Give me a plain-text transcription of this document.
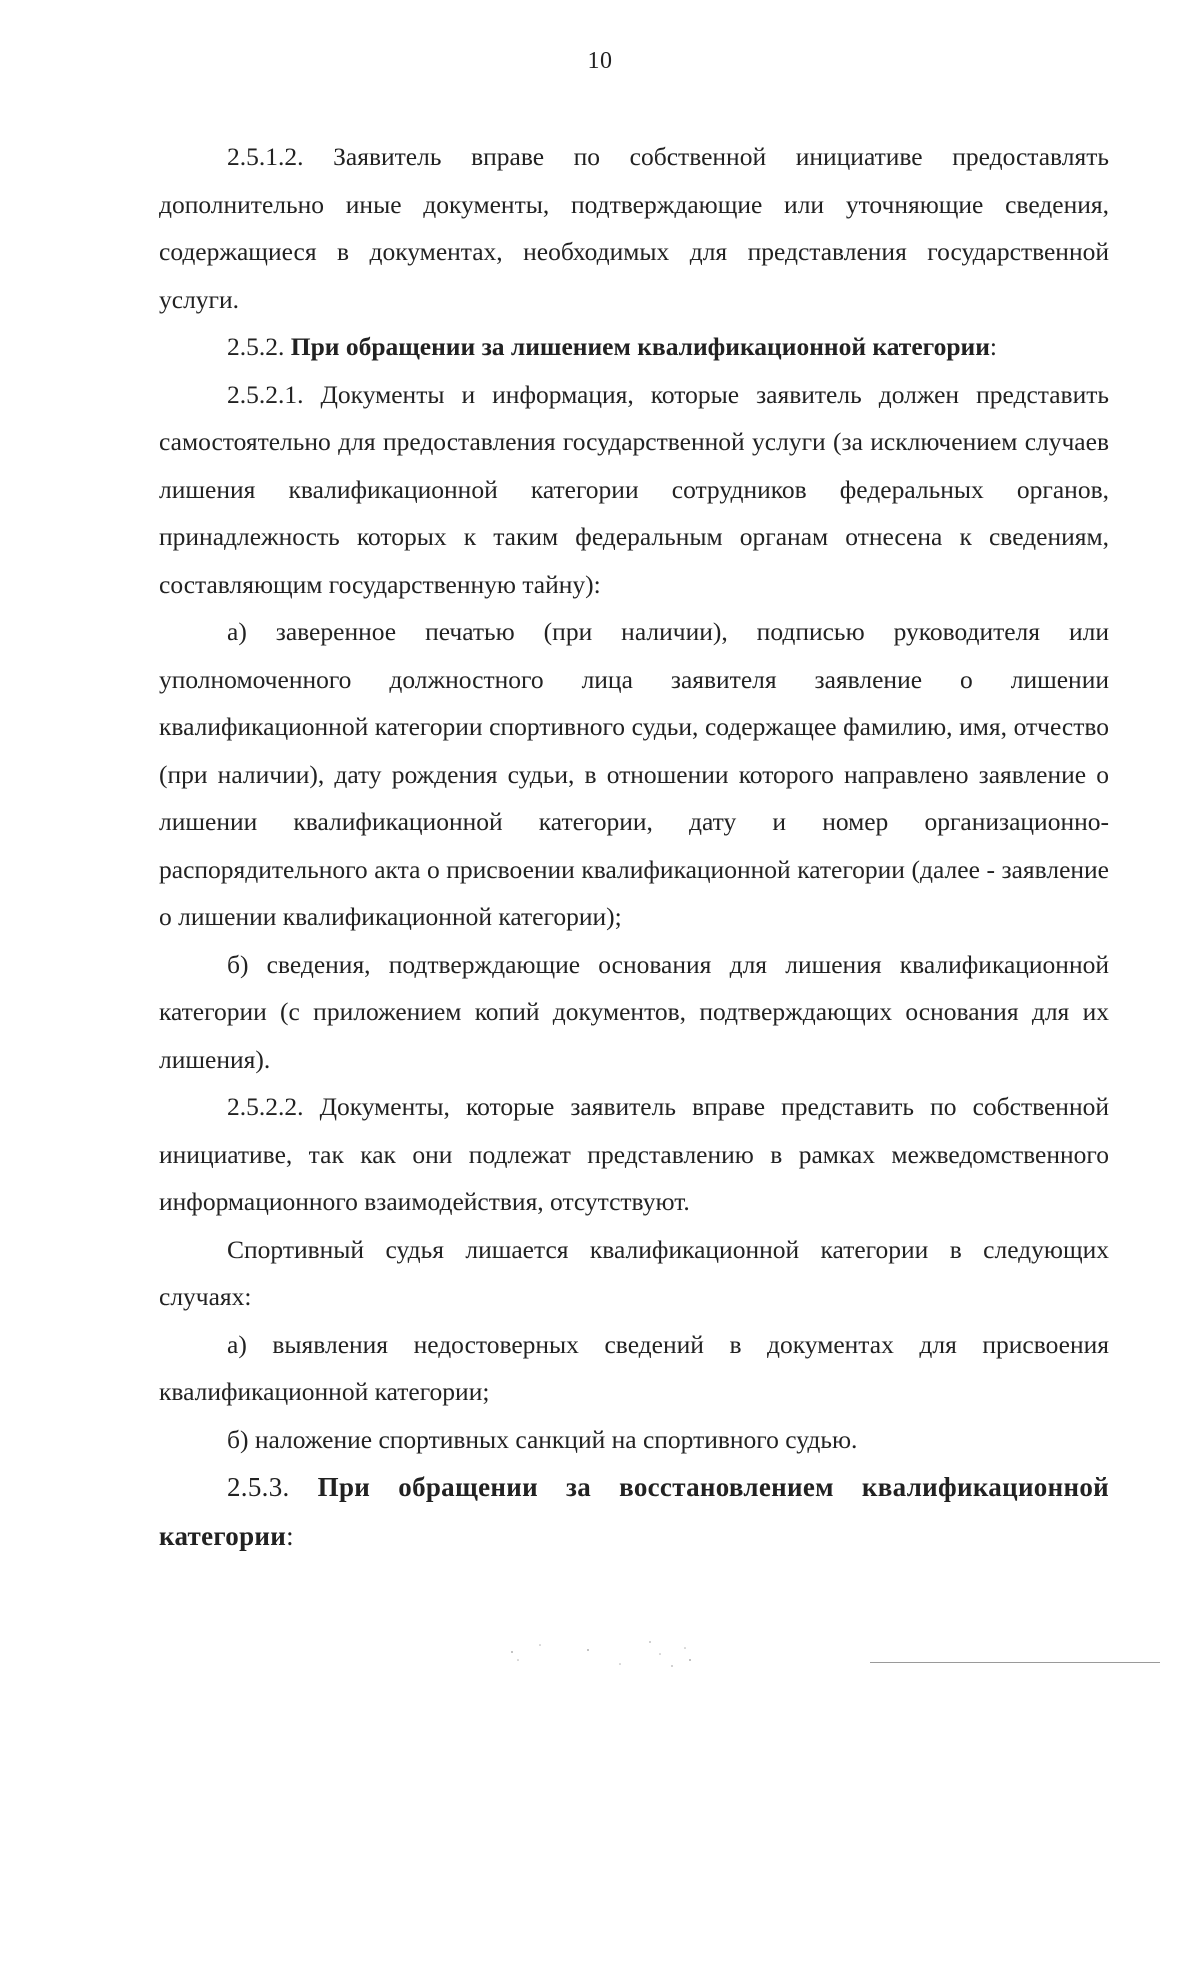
10

2.5.1.2. Заявитель вправе по собственной инициативе предоставлять дополнительно иные документы, подтверждающие или уточняющие сведения, содержащиеся в документах, необходимых для представления государственной услуги.

2.5.2. При обращении за лишением квалификационной категории:

2.5.2.1. Документы и информация, которые заявитель должен представить самостоятельно для предоставления государственной услуги (за исключением случаев лишения квалификационной категории сотрудников федеральных органов, принадлежность которых к таким федеральным органам отнесена к сведениям, составляющим государственную тайну):

а) заверенное печатью (при наличии), подписью руководителя или уполномоченного должностного лица заявителя заявление о лишении квалификационной категории спортивного судьи, содержащее фамилию, имя, отчество (при наличии), дату рождения судьи, в отношении которого направлено заявление о лишении квалификационной категории, дату и номер организационно-распорядительного акта о присвоении квалификационной категории (далее - заявление о лишении квалификационной категории);

б) сведения, подтверждающие основания для лишения квалификационной категории (с приложением копий документов, подтверждающих основания для их лишения).

2.5.2.2. Документы, которые заявитель вправе представить по собственной инициативе, так как они подлежат представлению в рамках межведомственного информационного взаимодействия, отсутствуют.

Спортивный судья лишается квалификационной категории в следующих случаях:

а) выявления недостоверных сведений в документах для присвоения квалификационной категории;

б) наложение спортивных санкций на спортивного судью.

2.5.3. При обращении за восстановлением квалификационной категории:
